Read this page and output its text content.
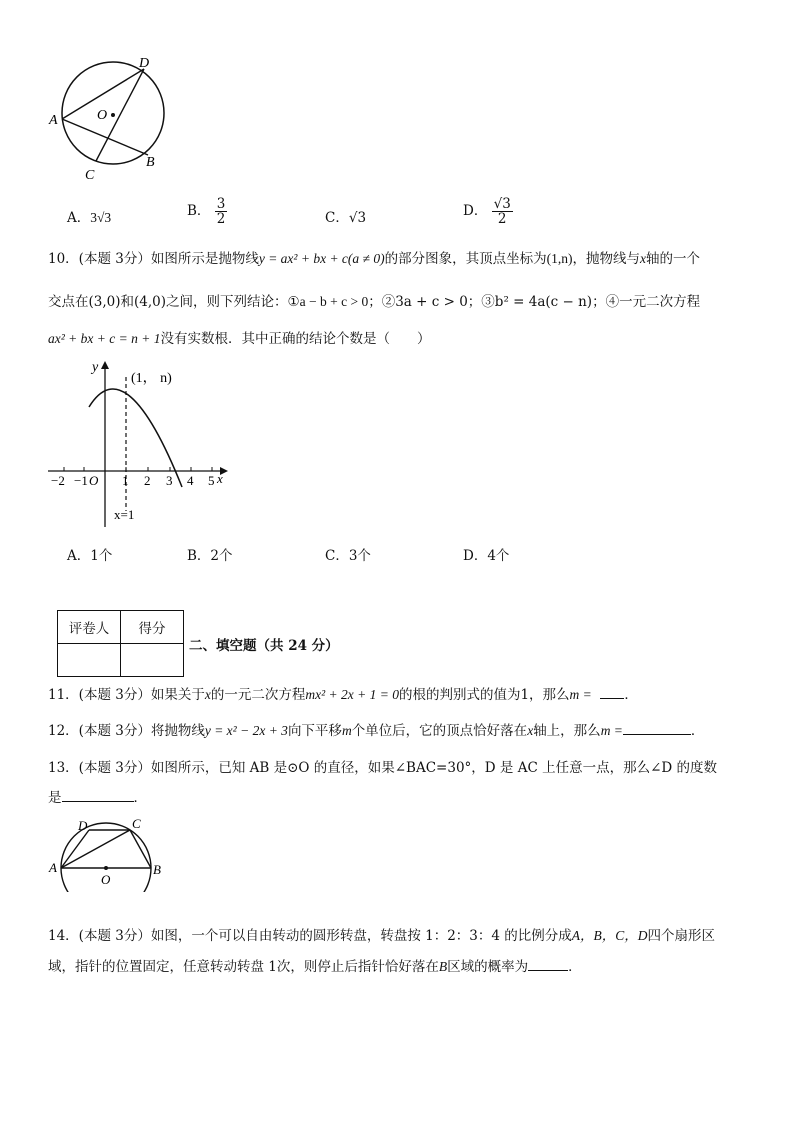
A
D
O
B
C
A．3√3	B． $\frac{3}{2}$	C．√3	D． $\frac{√3}{2}$
10．(本题 3分）如图所示是抛物线y = ax² + bx + c(a ≠ 0)的部分图象，其顶点坐标为(1,n)，抛物线与x轴的一个
交点在(3,0)和(4,0)之间，则下列结论：①a − b + c > 0；②3a + c > 0；③b² = 4a(c − n)；④一元二次方程
ax² + bx + c = n + 1没有实数根．其中正确的结论个数是（　　）
y
(1， n)
−2 −1 O 1 2 3 4 5 x
x=1
A．1个	B．2个	C．3个	D．4个
评卷人	得分

二、填空题（共 24 分）
11．(本题 3分）如果关于x的一元二次方程mx² + 2x + 1 = 0的根的判别式的值为1，那么m = ．
12．(本题 3分）将抛物线y = x² − 2x + 3向下平移m个单位后，它的顶点恰好落在x轴上，那么m =	．
13．(本题 3分）如图所示，已知 AB 是⊙O 的直径，如果∠BAC=30°，D 是 AC 上任意一点，那么∠D 的度数
是	．
A	B
C
D
O
14．(本题 3分）如图，一个可以自由转动的圆形转盘，转盘按 1：2：3：4 的比例分成A，B，C，D四个扇形区
域，指针的位置固定，任意转动转盘 1次，则停止后指针恰好落在B区域的概率为	．
